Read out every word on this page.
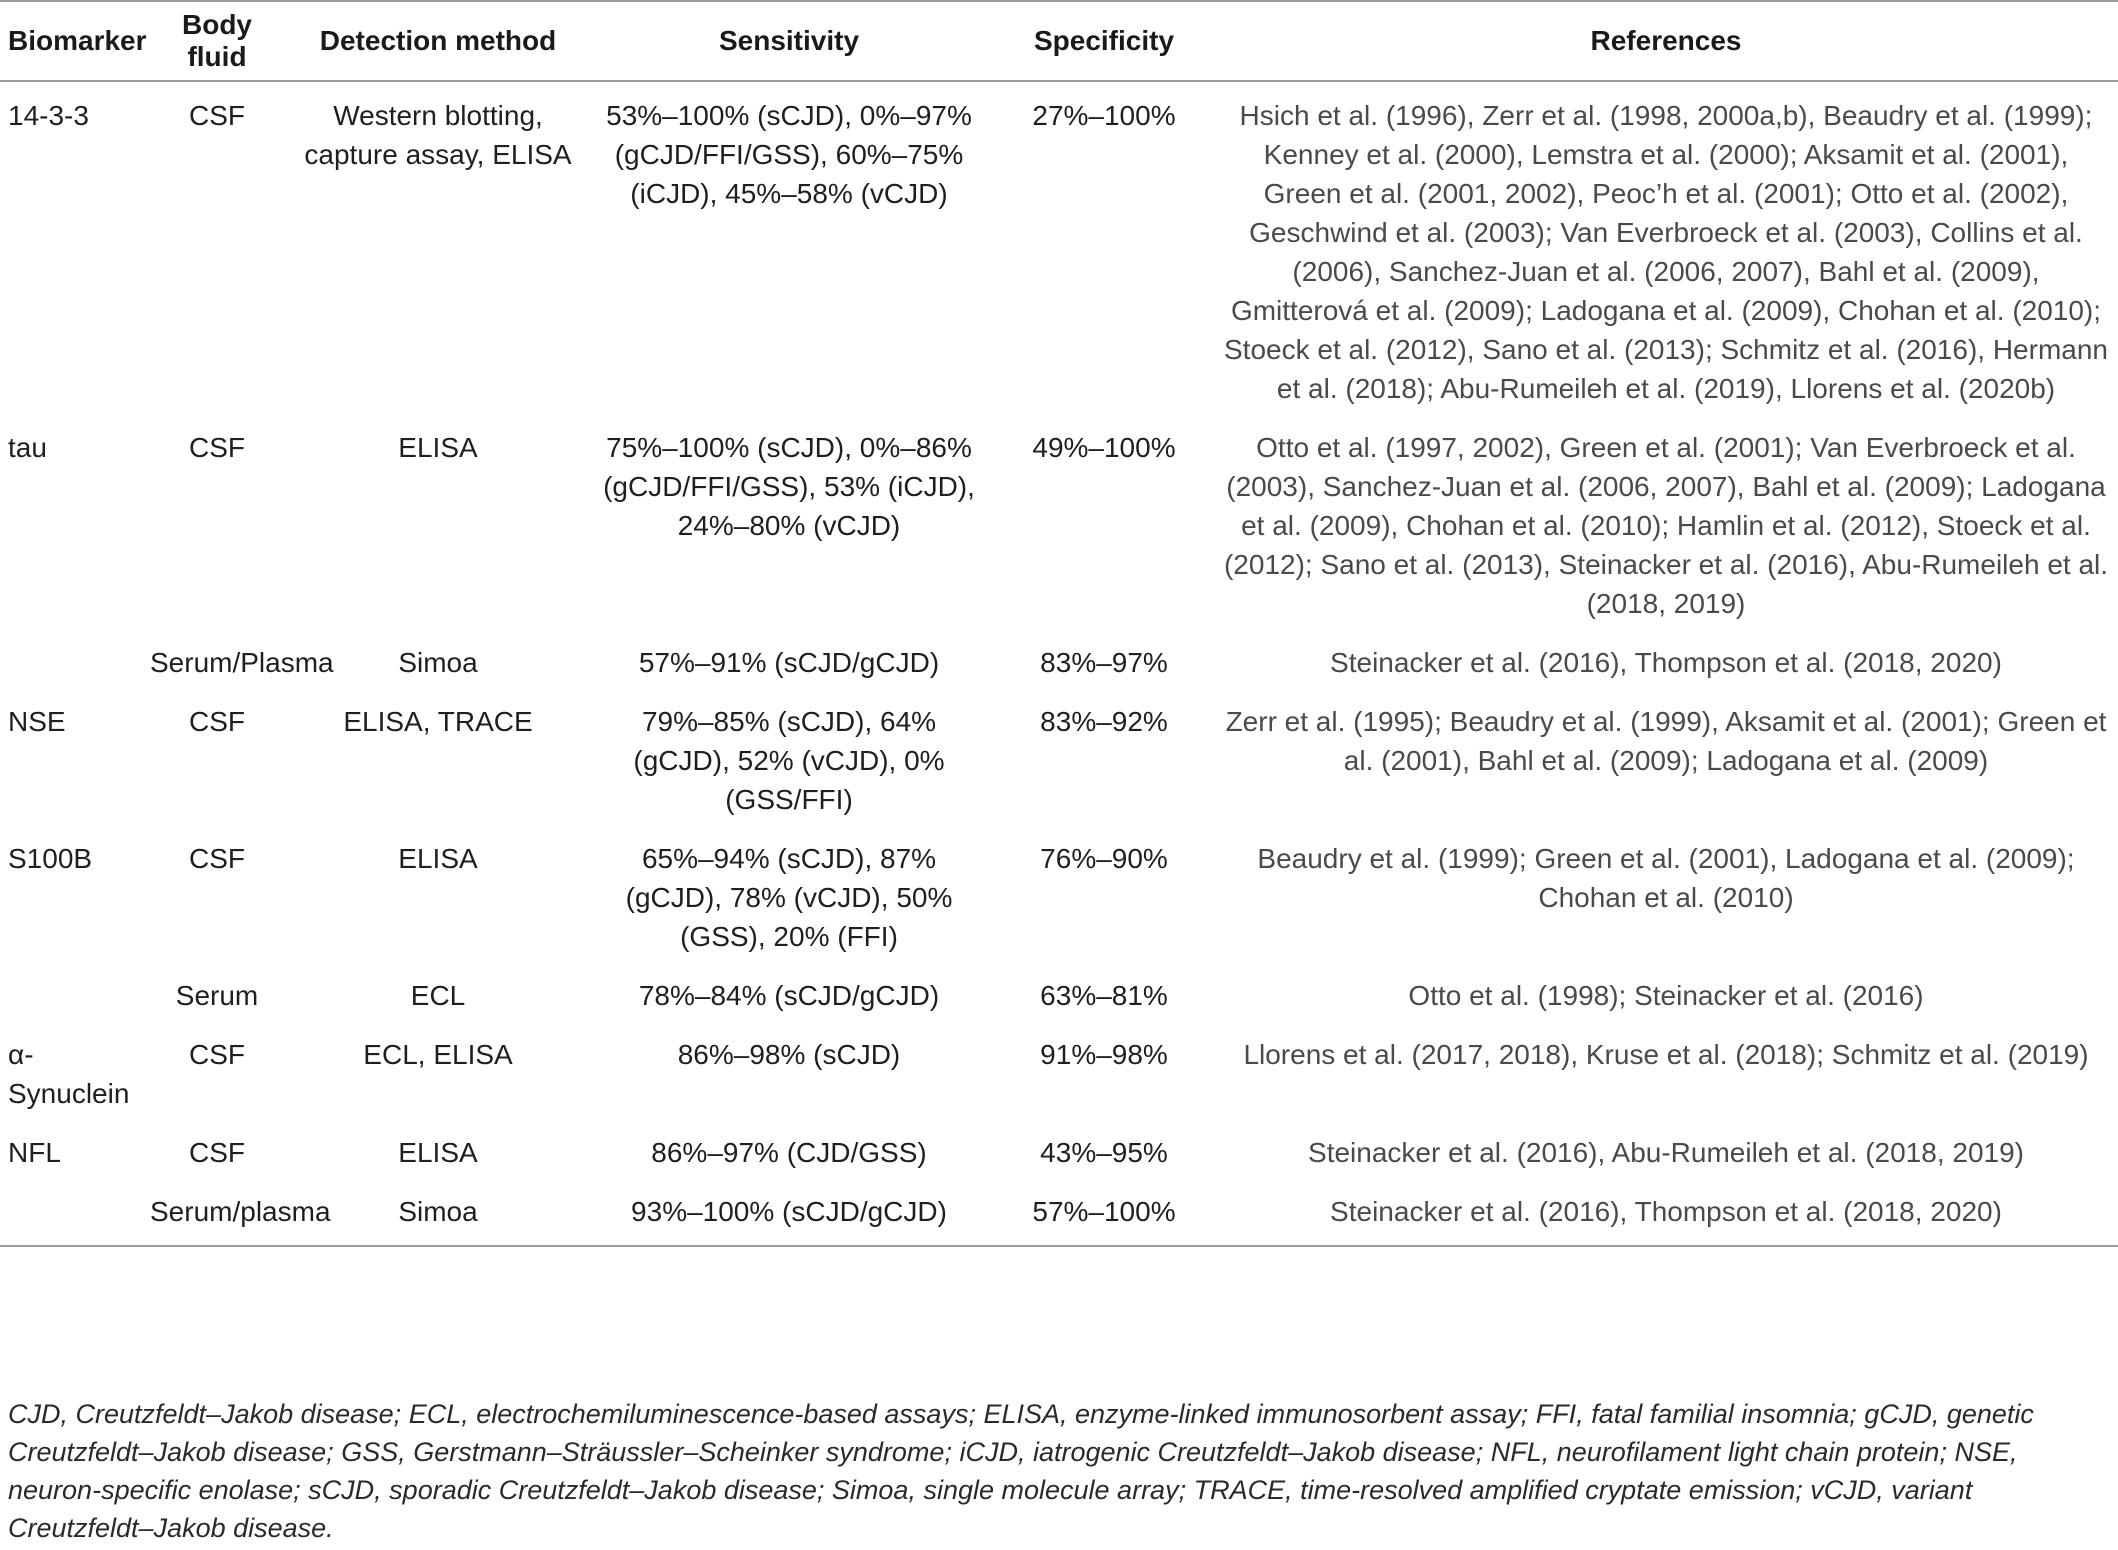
Biomarker	Body fluid	Detection method	Sensitivity	Specificity	References
14-3-3	CSF	Western blotting, capture assay, ELISA	53%–100% (sCJD), 0%–97% (gCJD/FFI/GSS), 60%–75% (iCJD), 45%–58% (vCJD)	27%–100%	Hsich et al. (1996), Zerr et al. (1998, 2000a,b), Beaudry et al. (1999); Kenney et al. (2000), Lemstra et al. (2000); Aksamit et al. (2001), Green et al. (2001, 2002), Peoc’h et al. (2001); Otto et al. (2002), Geschwind et al. (2003); Van Everbroeck et al. (2003), Collins et al. (2006), Sanchez-Juan et al. (2006, 2007), Bahl et al. (2009), Gmitterová et al. (2009); Ladogana et al. (2009), Chohan et al. (2010); Stoeck et al. (2012), Sano et al. (2013); Schmitz et al. (2016), Hermann et al. (2018); Abu-Rumeileh et al. (2019), Llorens et al. (2020b)
tau	CSF	ELISA	75%–100% (sCJD), 0%–86% (gCJD/FFI/GSS), 53% (iCJD), 24%–80% (vCJD)	49%–100%	Otto et al. (1997, 2002), Green et al. (2001); Van Everbroeck et al. (2003), Sanchez-Juan et al. (2006, 2007), Bahl et al. (2009); Ladogana et al. (2009), Chohan et al. (2010); Hamlin et al. (2012), Stoeck et al. (2012); Sano et al. (2013), Steinacker et al. (2016), Abu-Rumeileh et al. (2018, 2019)
	Serum/Plasma	Simoa	57%–91% (sCJD/gCJD)	83%–97%	Steinacker et al. (2016), Thompson et al. (2018, 2020)
NSE	CSF	ELISA, TRACE	79%–85% (sCJD), 64% (gCJD), 52% (vCJD), 0% (GSS/FFI)	83%–92%	Zerr et al. (1995); Beaudry et al. (1999), Aksamit et al. (2001); Green et al. (2001), Bahl et al. (2009); Ladogana et al. (2009)
S100B	CSF	ELISA	65%–94% (sCJD), 87% (gCJD), 78% (vCJD), 50% (GSS), 20% (FFI)	76%–90%	Beaudry et al. (1999); Green et al. (2001), Ladogana et al. (2009); Chohan et al. (2010)
	Serum	ECL	78%–84% (sCJD/gCJD)	63%–81%	Otto et al. (1998); Steinacker et al. (2016)
α-Synuclein	CSF	ECL, ELISA	86%–98% (sCJD)	91%–98%	Llorens et al. (2017, 2018), Kruse et al. (2018); Schmitz et al. (2019)
NFL	CSF	ELISA	86%–97% (CJD/GSS)	43%–95%	Steinacker et al. (2016), Abu-Rumeileh et al. (2018, 2019)
	Serum/plasma	Simoa	93%–100% (sCJD/gCJD)	57%–100%	Steinacker et al. (2016), Thompson et al. (2018, 2020)
CJD, Creutzfeldt–Jakob disease; ECL, electrochemiluminescence-based assays; ELISA, enzyme-linked immunosorbent assay; FFI, fatal familial insomnia; gCJD, genetic Creutzfeldt–Jakob disease; GSS, Gerstmann–Sträussler–Scheinker syndrome; iCJD, iatrogenic Creutzfeldt–Jakob disease; NFL, neurofilament light chain protein; NSE, neuron-specific enolase; sCJD, sporadic Creutzfeldt–Jakob disease; Simoa, single molecule array; TRACE, time-resolved amplified cryptate emission; vCJD, variant Creutzfeldt–Jakob disease.
